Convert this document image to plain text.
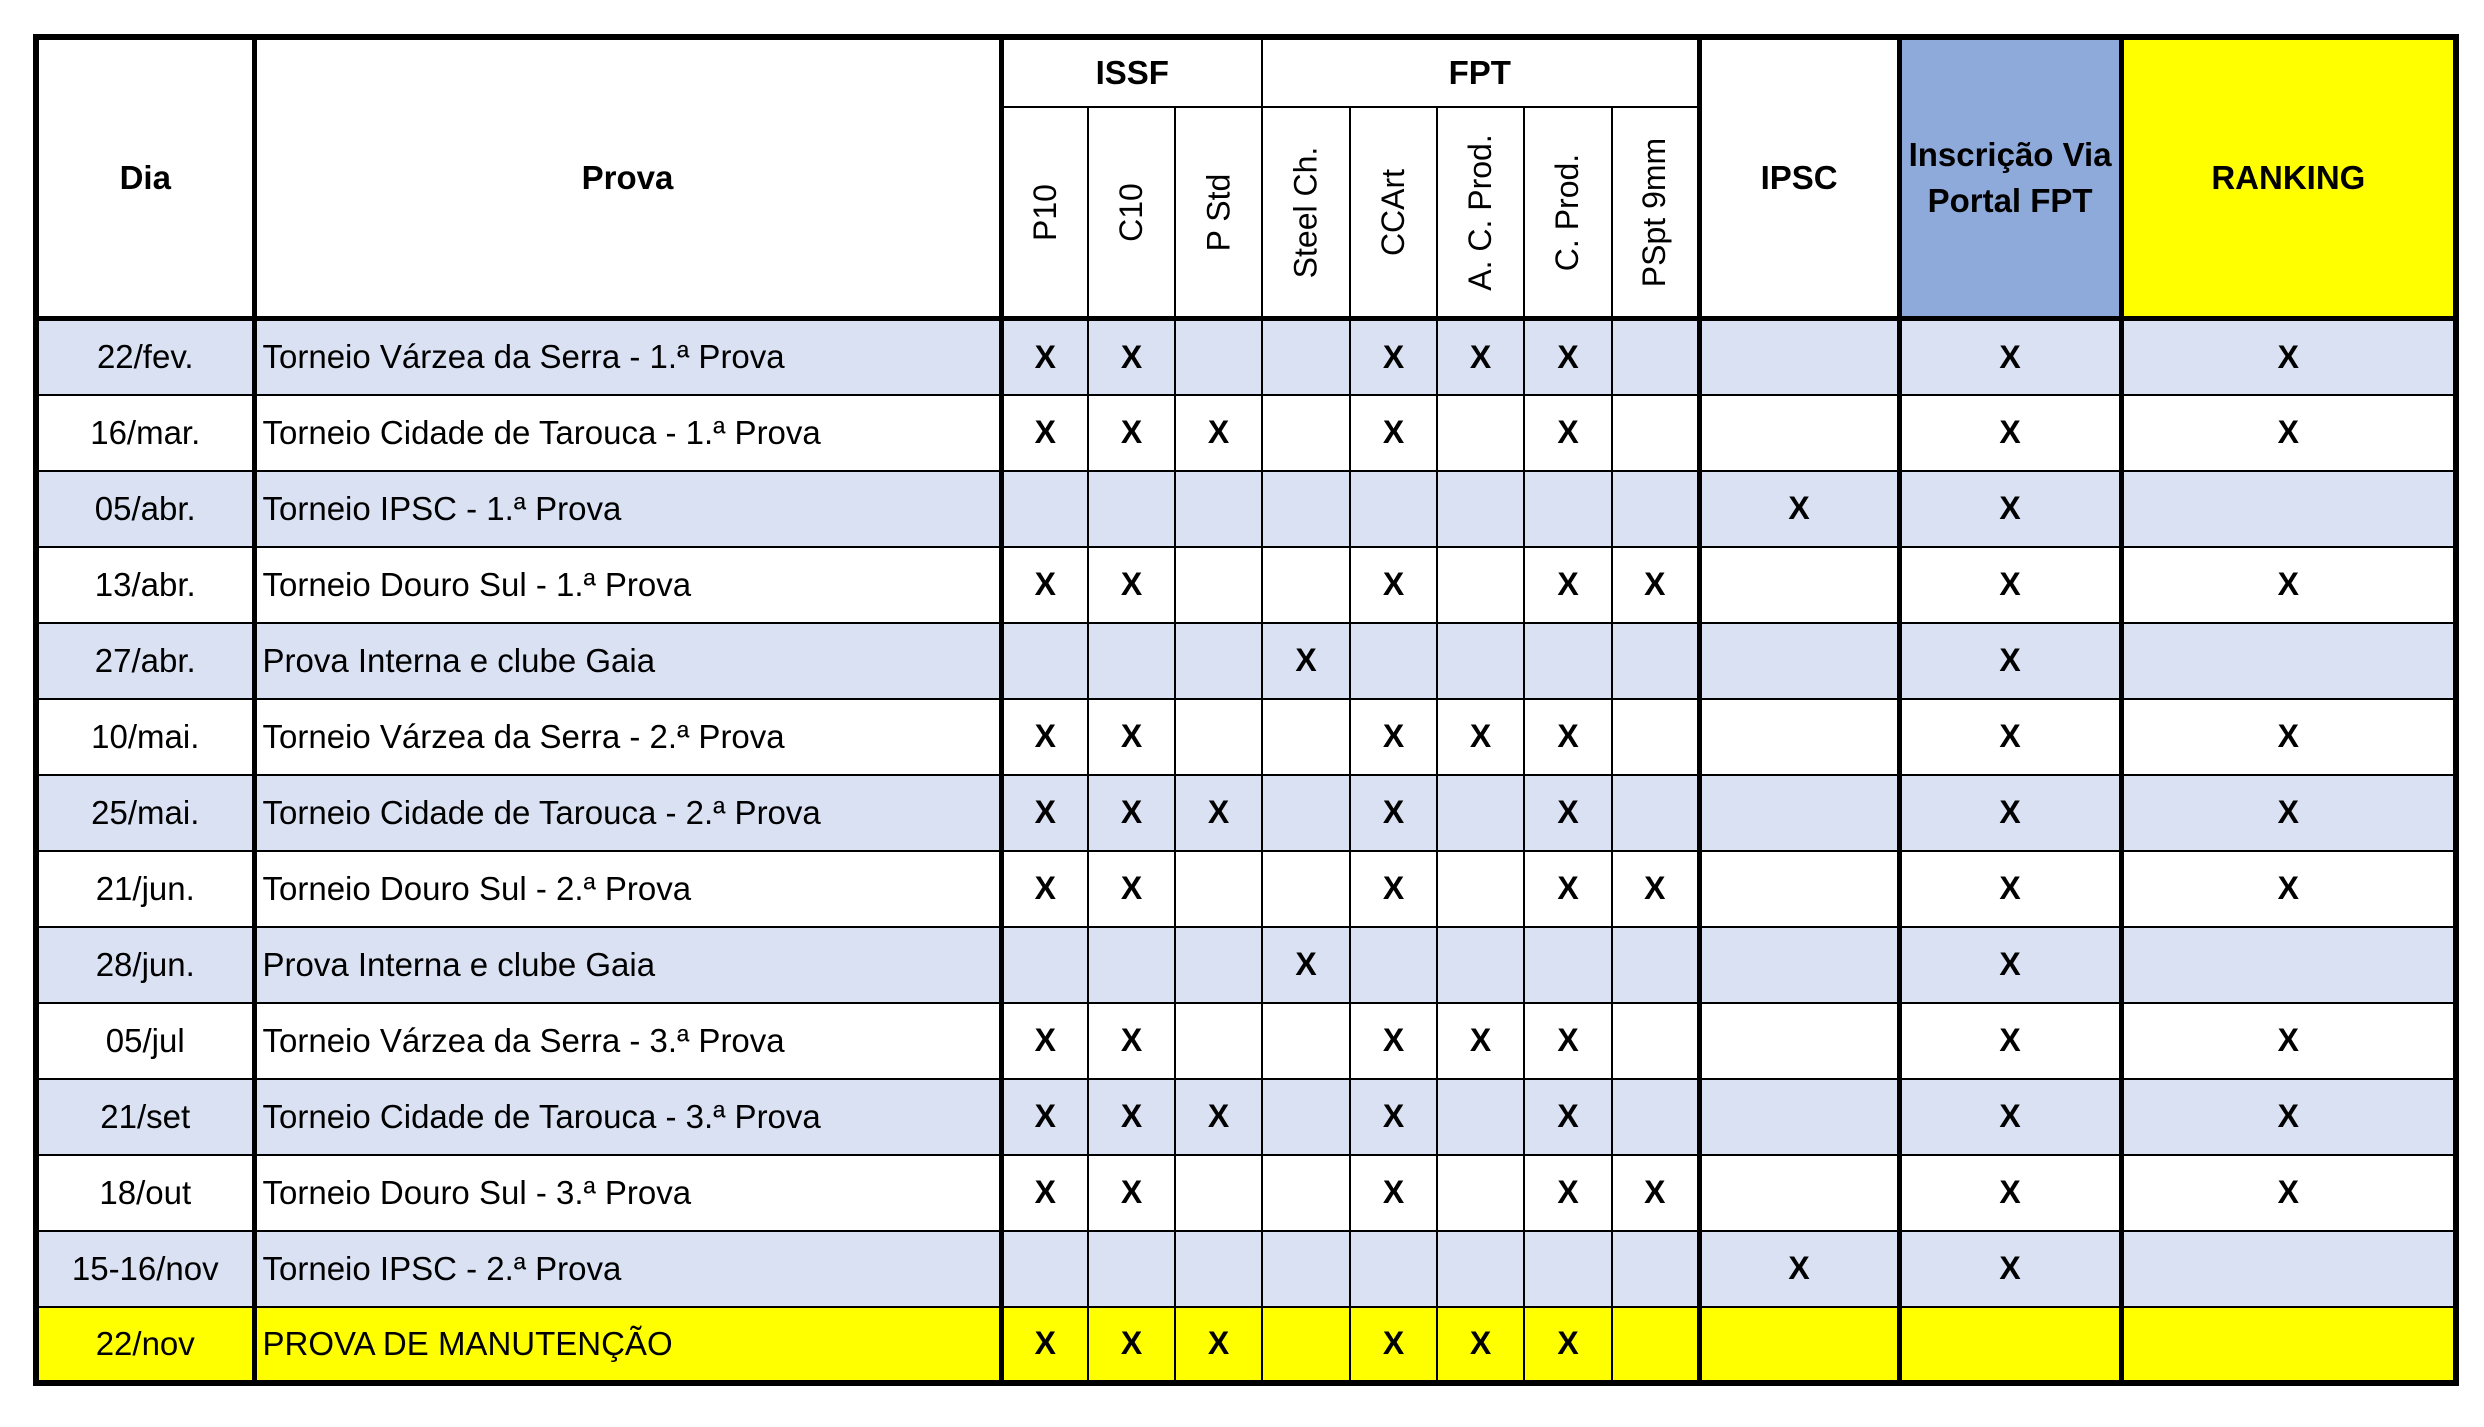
Dia	Prova	ISSF			FPT					IPSC	Inscrição Via
Portal FPT	RANKING

		P10	C10	P Std	Steel Ch.	CCArt	A. C. Prod.	C. Prod.	PSpt 9mm			

22/fev.	Torneio Várzea da Serra - 1.ª Prova	X	X			X	X	X			X	X
16/mar.	Torneio Cidade de Tarouca - 1.ª Prova	X	X	X		X		X			X	X
05/abr.	Torneio IPSC - 1.ª Prova									X	X	
13/abr.	Torneio Douro Sul - 1.ª Prova	X	X			X		X	X		X	X
27/abr.	Prova Interna e clube Gaia				X						X	
10/mai.	Torneio Várzea da Serra - 2.ª Prova	X	X			X	X	X			X	X
25/mai.	Torneio Cidade de Tarouca - 2.ª Prova	X	X	X		X		X			X	X
21/jun.	Torneio Douro Sul - 2.ª Prova	X	X			X		X	X		X	X
28/jun.	Prova Interna e clube Gaia				X						X	
05/jul	Torneio Várzea da Serra - 3.ª Prova	X	X			X	X	X			X	X
21/set	Torneio Cidade de Tarouca - 3.ª Prova	X	X	X		X		X			X	X
18/out	Torneio Douro Sul - 3.ª Prova	X	X			X		X	X		X	X
15-16/nov	Torneio IPSC - 2.ª Prova									X	X	
22/nov	PROVA DE MANUTENÇÃO	X	X	X		X	X	X				
